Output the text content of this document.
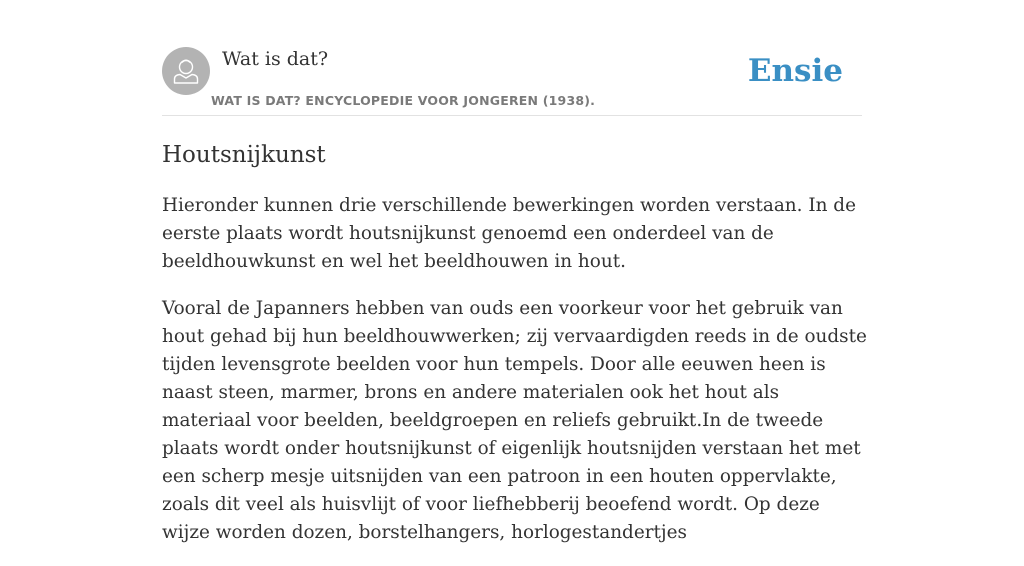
Wat is dat?
WAT IS DAT? ENCYCLOPEDIE VOOR JONGEREN (1938).
Ensie
Houtsnijkunst

Hieronder kunnen drie verschillende bewerkingen worden verstaan. In de eerste plaats wordt houtsnijkunst genoemd een onderdeel van de beeldhouwkunst en wel het beeldhouwen in hout.

Vooral de Japanners hebben van ouds een voorkeur voor het gebruik van hout gehad bij hun beeldhouwwerken; zij vervaardigden reeds in de oudste tijden levensgrote beelden voor hun tempels. Door alle eeuwen heen is naast steen, marmer, brons en andere materialen ook het hout als materiaal voor beelden, beeldgroepen en reliefs gebruikt.In de tweede plaats wordt onder houtsnijkunst of eigenlijk houtsnijden verstaan het met een scherp mesje uitsnijden van een patroon in een houten oppervlakte, zoals dit veel als huisvlijt of voor liefhebberij beoefend wordt. Op deze wijze worden dozen, borstelhangers, horlogestandertjes
